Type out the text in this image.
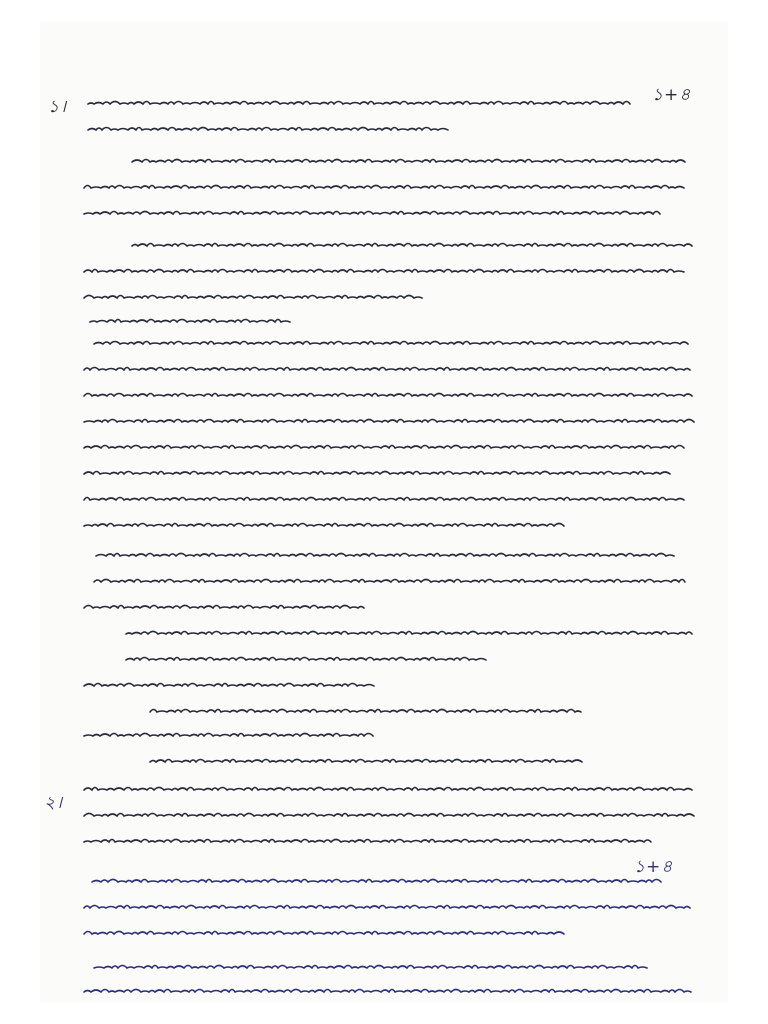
১।
১+৪
২।
১+৪
